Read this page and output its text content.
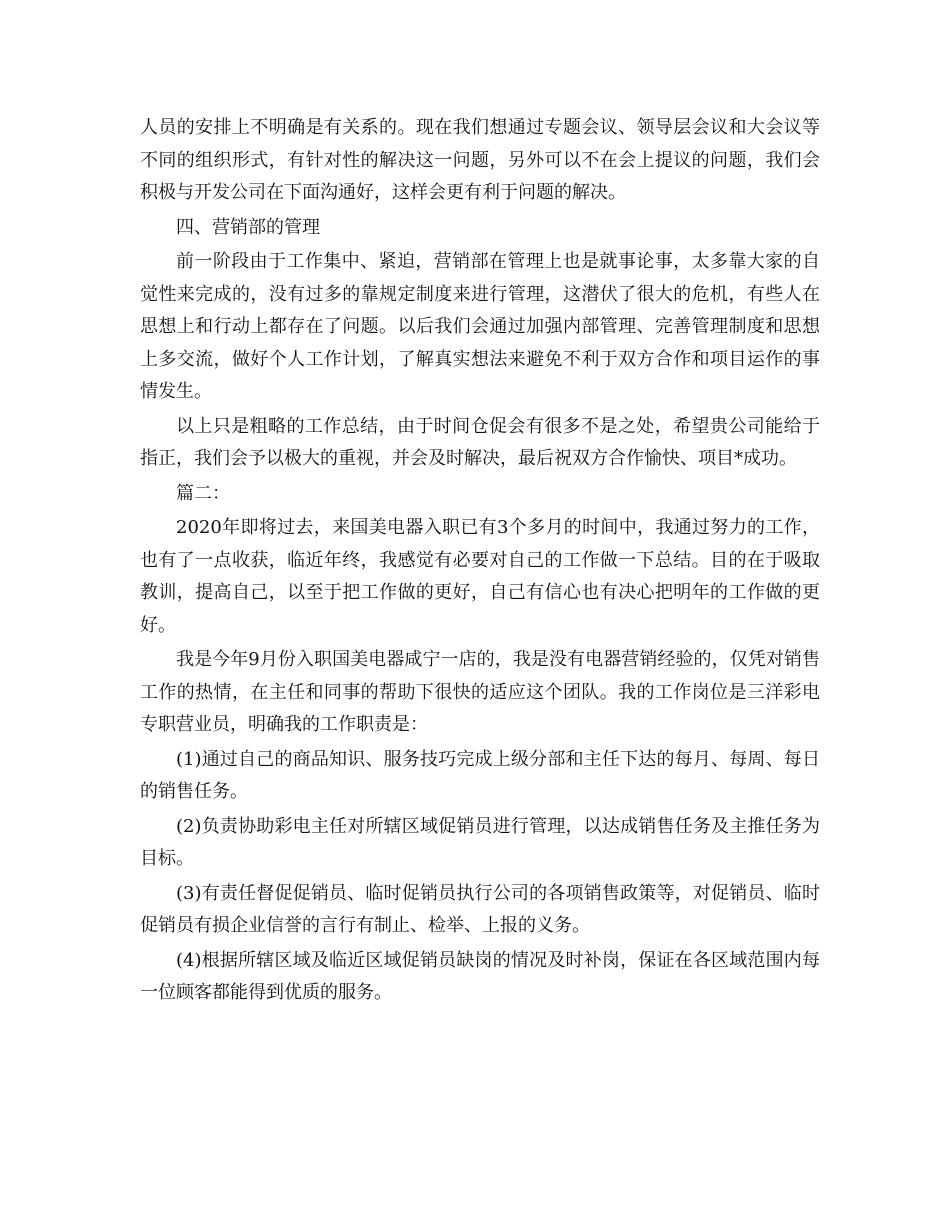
人员的安排上不明确是有关系的。现在我们想通过专题会议、领导层会议和大会议等不同的组织形式，有针对性的解决这一问题，另外可以不在会上提议的问题，我们会积极与开发公司在下面沟通好，这样会更有利于问题的解决。

四、营销部的管理

前一阶段由于工作集中、紧迫，营销部在管理上也是就事论事，太多靠大家的自觉性来完成的，没有过多的靠规定制度来进行管理，这潜伏了很大的危机，有些人在思想上和行动上都存在了问题。以后我们会通过加强内部管理、完善管理制度和思想上多交流，做好个人工作计划，了解真实想法来避免不利于双方合作和项目运作的事情发生。

以上只是粗略的工作总结，由于时间仓促会有很多不是之处，希望贵公司能给于指正，我们会予以极大的重视，并会及时解决，最后祝双方合作愉快、项目*成功。

篇二：

2020年即将过去，来国美电器入职已有3个多月的时间中，我通过努力的工作，也有了一点收获，临近年终，我感觉有必要对自己的工作做一下总结。目的在于吸取教训，提高自己，以至于把工作做的更好，自己有信心也有决心把明年的工作做的更好。

我是今年9月份入职国美电器咸宁一店的，我是没有电器营销经验的，仅凭对销售工作的热情，在主任和同事的帮助下很快的适应这个团队。我的工作岗位是三洋彩电专职营业员，明确我的工作职责是：

(1)通过自己的商品知识、服务技巧完成上级分部和主任下达的每月、每周、每日的销售任务。

(2)负责协助彩电主任对所辖区域促销员进行管理，以达成销售任务及主推任务为目标。

(3)有责任督促促销员、临时促销员执行公司的各项销售政策等，对促销员、临时促销员有损企业信誉的言行有制止、检举、上报的义务。

(4)根据所辖区域及临近区域促销员缺岗的情况及时补岗，保证在各区域范围内每一位顾客都能得到优质的服务。
